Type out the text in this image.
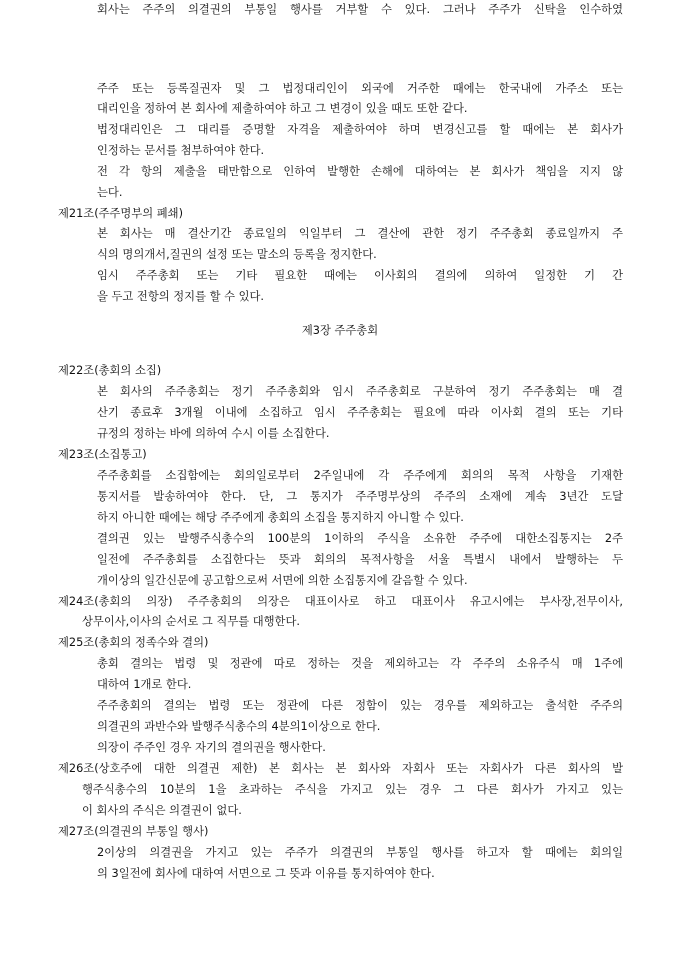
주주 또는 등록질권자 및 그 법정대리인이 외국에 거주한 때에는 한국내에 가주소 또는
대리인을 정하여 본 회사에 제출하여야 하고 그 변경이 있을 때도 또한 같다.
법정대리인은 그 대리를 증명할 자격을 제출하여야 하며 변경신고를 할 때에는 본 회사가
인정하는 문서를 첨부하여야 한다.
전 각 항의 제출을 태만함으로 인하여 발행한 손해에 대하여는 본 회사가 책임을 지지 않
는다.
제21조(주주명부의 폐쇄)
본 회사는 매 결산기간 종료일의 익일부터 그 결산에 관한 정기 주주총회 종료일까지 주
식의 명의개서,질권의 설정 또는 말소의 등록을 정지한다.
임시 주주총회 또는 기타 필요한 때에는 이사회의 결의에 의하여 일정한 기 간
을 두고 전항의 정지를 할 수 있다.
제3장 주주총회
제22조(총회의 소집)
본 회사의 주주총회는 정기 주주총회와 임시 주주총회로 구분하여 정기 주주총회는 매 결
산기 종료후 3개월 이내에 소집하고 임시 주주총회는 필요에 따라 이사회 결의 또는 기타
규정의 정하는 바에 의하여 수시 이를 소집한다.
제23조(소집통고)
주주총회를 소집함에는 회의일로부터 2주일내에 각 주주에게 회의의 목적 사항을 기재한
통지서를 발송하여야 한다. 단, 그 통지가 주주명부상의 주주의 소재에 계속 3년간 도달
하지 아니한 때에는 해당 주주에게 총회의 소집을 통지하지 아니할 수 있다.
결의권 있는 발행주식총수의 100분의 1이하의 주식을 소유한 주주에 대한소집통지는 2주
일전에 주주총회를 소집한다는 뜻과 회의의 목적사항을 서울 특별시 내에서 발행하는 두
개이상의 일간신문에 공고함으로써 서면에 의한 소집통지에 갈음할 수 있다.
제24조(총회의 의장) 주주총회의 의장은 대표이사로 하고 대표이사 유고시에는 부사장,전무이사,
상무이사,이사의 순서로 그 직무를 대행한다.
제25조(총회의 정족수와 결의)
총회 결의는 법령 및 정관에 따로 정하는 것을 제외하고는 각 주주의 소유주식 매 1주에
대하여 1개로 한다.
주주총회의 결의는 법령 또는 정관에 다른 정함이 있는 경우를 제외하고는 출석한 주주의
의결권의 과반수와 발행주식총수의 4분의1이상으로 한다.
의장이 주주인 경우 자기의 결의권을 행사한다.
제26조(상호주에 대한 의결권 제한) 본 회사는 본 회사와 자회사 또는 자회사가 다른 회사의 발
행주식총수의 10분의 1을 초과하는 주식을 가지고 있는 경우 그 다른 회사가 가지고 있는
이 회사의 주식은 의결권이 없다.
제27조(의결권의 부통일 행사)
2이상의 의결권을 가지고 있는 주주가 의결권의 부통일 행사를 하고자 할 때에는 회의일
의 3일전에 회사에 대하여 서면으로 그 뜻과 이유를 통지하여야 한다.
회사는 주주의 의결권의 부통일 행사를 거부할 수 있다. 그러나 주주가 신탁을 인수하였
